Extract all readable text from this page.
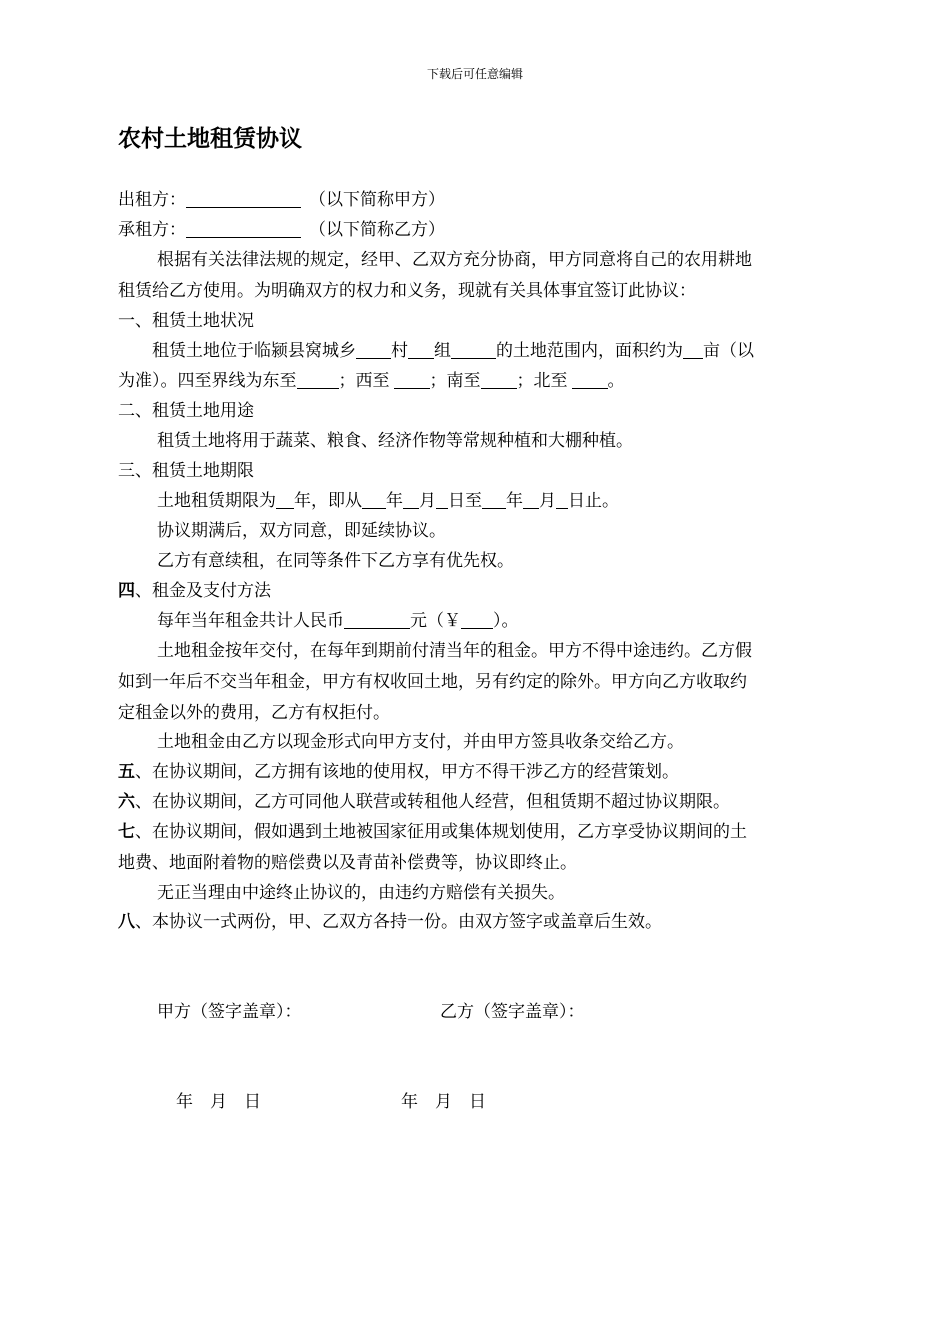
下载后可任意编辑
农村土地租赁协议
出租方：	（以下简称甲方）
承租方：	（以下简称乙方）
根据有关法律法规的规定，经甲、乙双方充分协商，甲方同意将自己的农用耕地
租赁给乙方使用。为明确双方的权力和义务，现就有关具体事宜签订此协议：
一、租赁土地状况
租赁土地位于临颍县窝城乡 村 组	的土地范围内，面积约为 亩（以
为准）。四至界线为东至 ；西至 ；南至 ；北至 。
二、租赁土地用途
租赁土地将用于蔬菜、粮食、经济作物等常规种植和大棚种植。
三、租赁土地期限
土地租赁期限为 年，即从 年 月 日至 年 月 日止。
协议期满后，双方同意，即延续协议。
乙方有意续租，在同等条件下乙方享有优先权。
四、租金及支付方法
每年当年租金共计人民币	元（￥ ）。
土地租金按年交付，在每年到期前付清当年的租金。甲方不得中途违约。乙方假
如到一年后不交当年租金，甲方有权收回土地，另有约定的除外。甲方向乙方收取约
定租金以外的费用，乙方有权拒付。
土地租金由乙方以现金形式向甲方支付，并由甲方签具收条交给乙方。
五、在协议期间，乙方拥有该地的使用权，甲方不得干涉乙方的经营策划。
六、在协议期间，乙方可同他人联营或转租他人经营，但租赁期不超过协议期限。
七、在协议期间，假如遇到土地被国家征用或集体规划使用，乙方享受协议期间的土
地费、地面附着物的赔偿费以及青苗补偿费等，协议即终止。
无正当理由中途终止协议的，由违约方赔偿有关损失。
八、本协议一式两份，甲、乙双方各持一份。由双方签字或盖章后生效。
甲方（签字盖章）：	乙方（签字盖章）：
年　月　日	年　月　日
